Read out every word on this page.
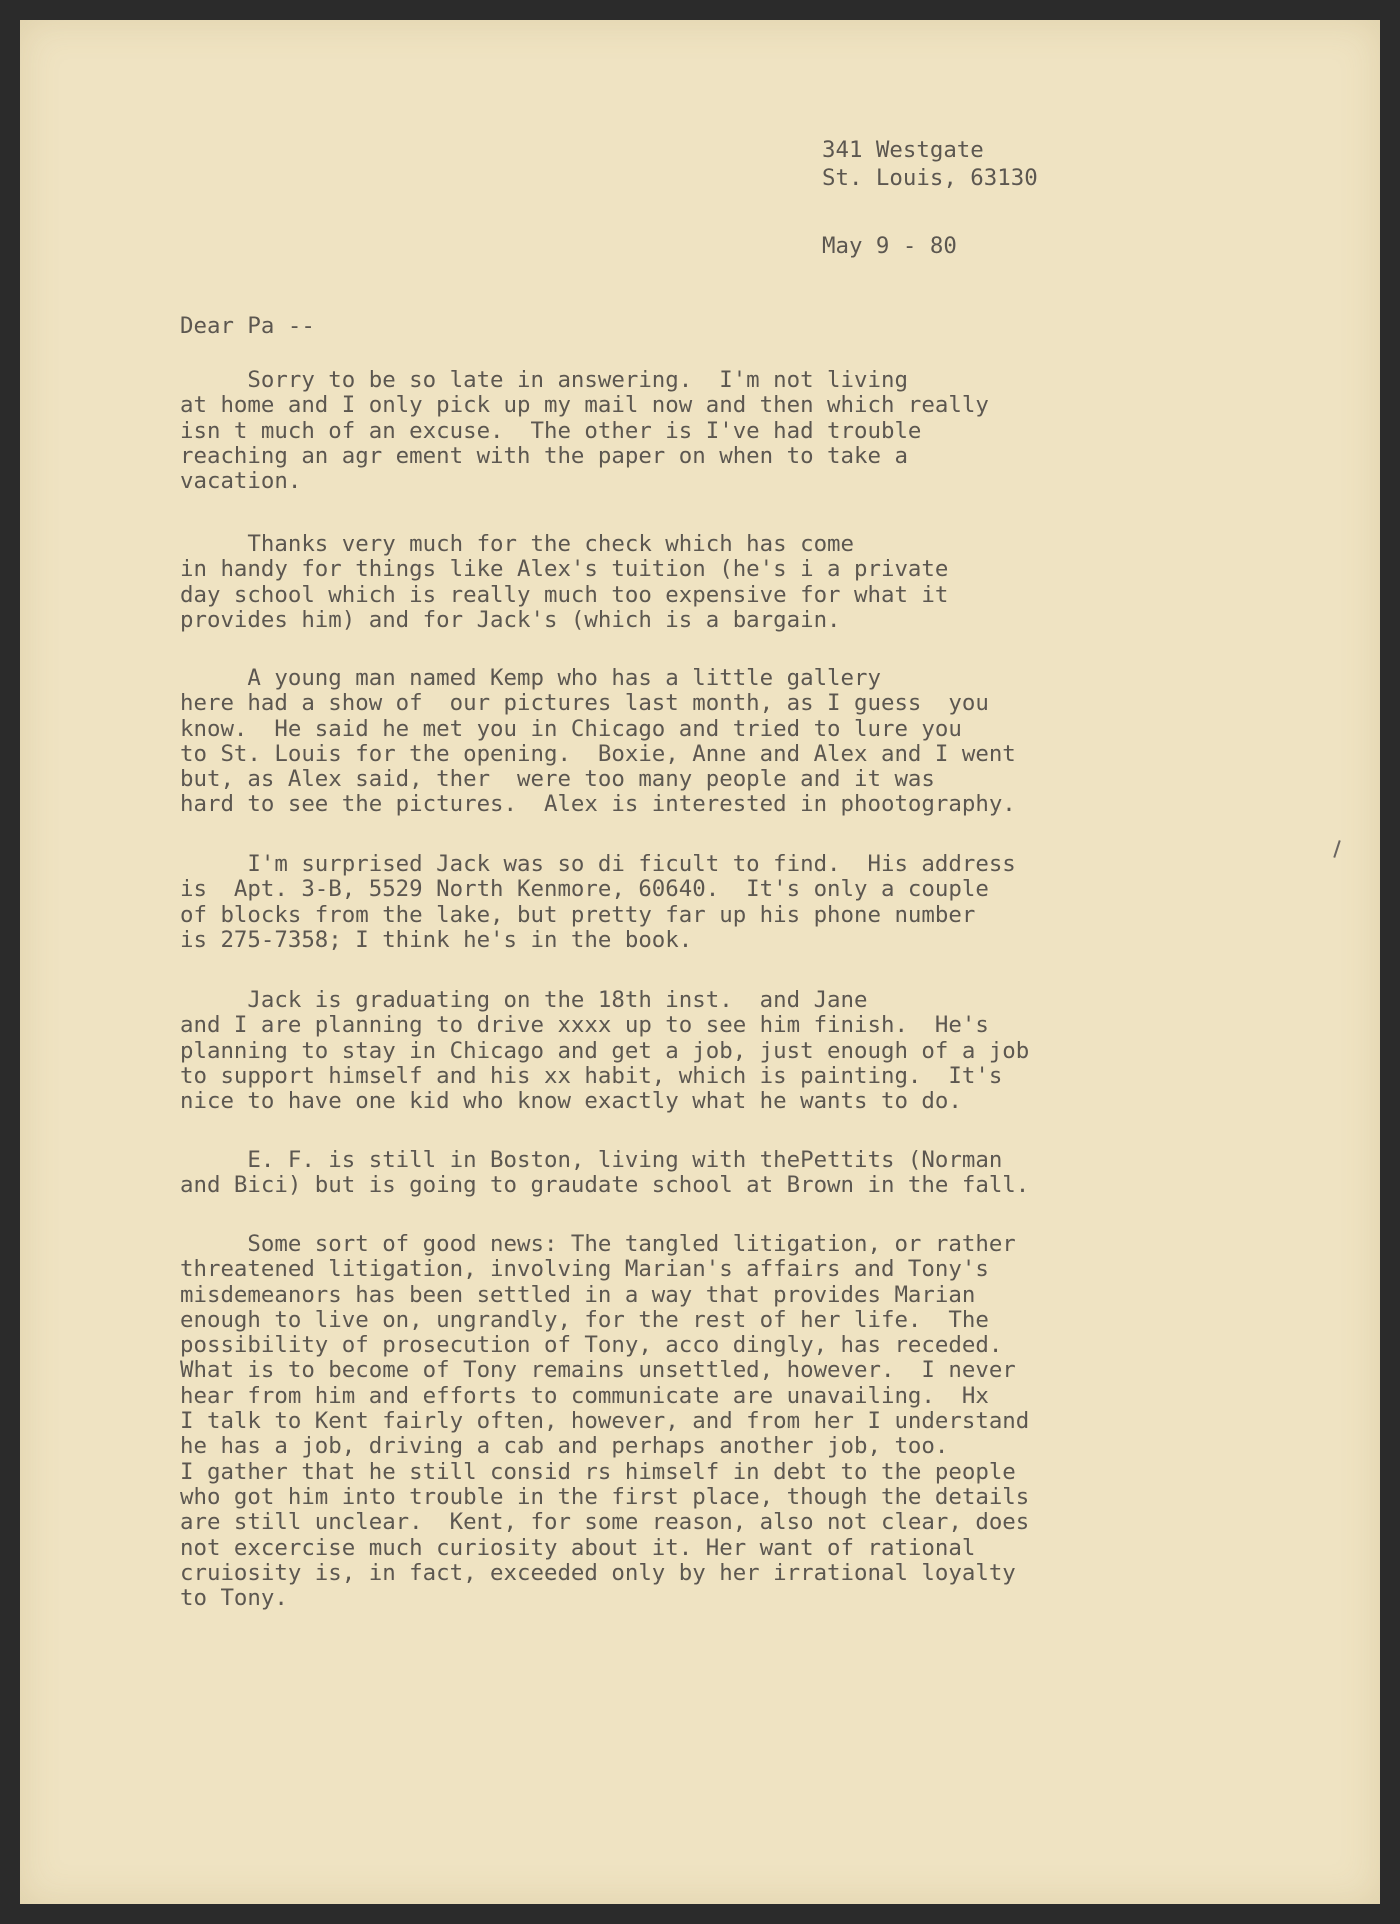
341 Westgate
St. Louis, 63130
May 9 - 80
Dear Pa --
Sorry to be so late in answering.  I'm not living
at home and I only pick up my mail now and then which really
isn t much of an excuse.  The other is I've had trouble
reaching an agr ement with the paper on when to take a
vacation.
Thanks very much for the check which has come
in handy for things like Alex's tuition (he's i a private
day school which is really much too expensive for what it
provides him) and for Jack's (which is a bargain.
A young man named Kemp who has a little gallery
here had a show of  our pictures last month, as I guess  you
know.  He said he met you in Chicago and tried to lure you
to St. Louis for the opening.  Boxie, Anne and Alex and I went
but, as Alex said, ther  were too many people and it was
hard to see the pictures.  Alex is interested in phootography.
I'm surprised Jack was so di ficult to find.  His address
is  Apt. 3-B, 5529 North Kenmore, 60640.  It's only a couple
of blocks from the lake, but pretty far up his phone number
is 275-7358; I think he's in the book.
Jack is graduating on the 18th inst.  and Jane
and I are planning to drive xxxx up to see him finish.  He's
planning to stay in Chicago and get a job, just enough of a job
to support himself and his xx habit, which is painting.  It's
nice to have one kid who know exactly what he wants to do.
E. F. is still in Boston, living with thePettits (Norman
and Bici) but is going to graudate school at Brown in the fall.
Some sort of good news: The tangled litigation, or rather
threatened litigation, involving Marian's affairs and Tony's
misdemeanors has been settled in a way that provides Marian
enough to live on, ungrandly, for the rest of her life.  The
possibility of prosecution of Tony, acco dingly, has receded.
What is to become of Tony remains unsettled, however.  I never
hear from him and efforts to communicate are unavailing.  Hx
I talk to Kent fairly often, however, and from her I understand
he has a job, driving a cab and perhaps another job, too.
I gather that he still consid rs himself in debt to the people
who got him into trouble in the first place, though the details
are still unclear.  Kent, for some reason, also not clear, does
not excercise much curiosity about it. Her want of rational
cruiosity is, in fact, exceeded only by her irrational loyalty
to Tony.
